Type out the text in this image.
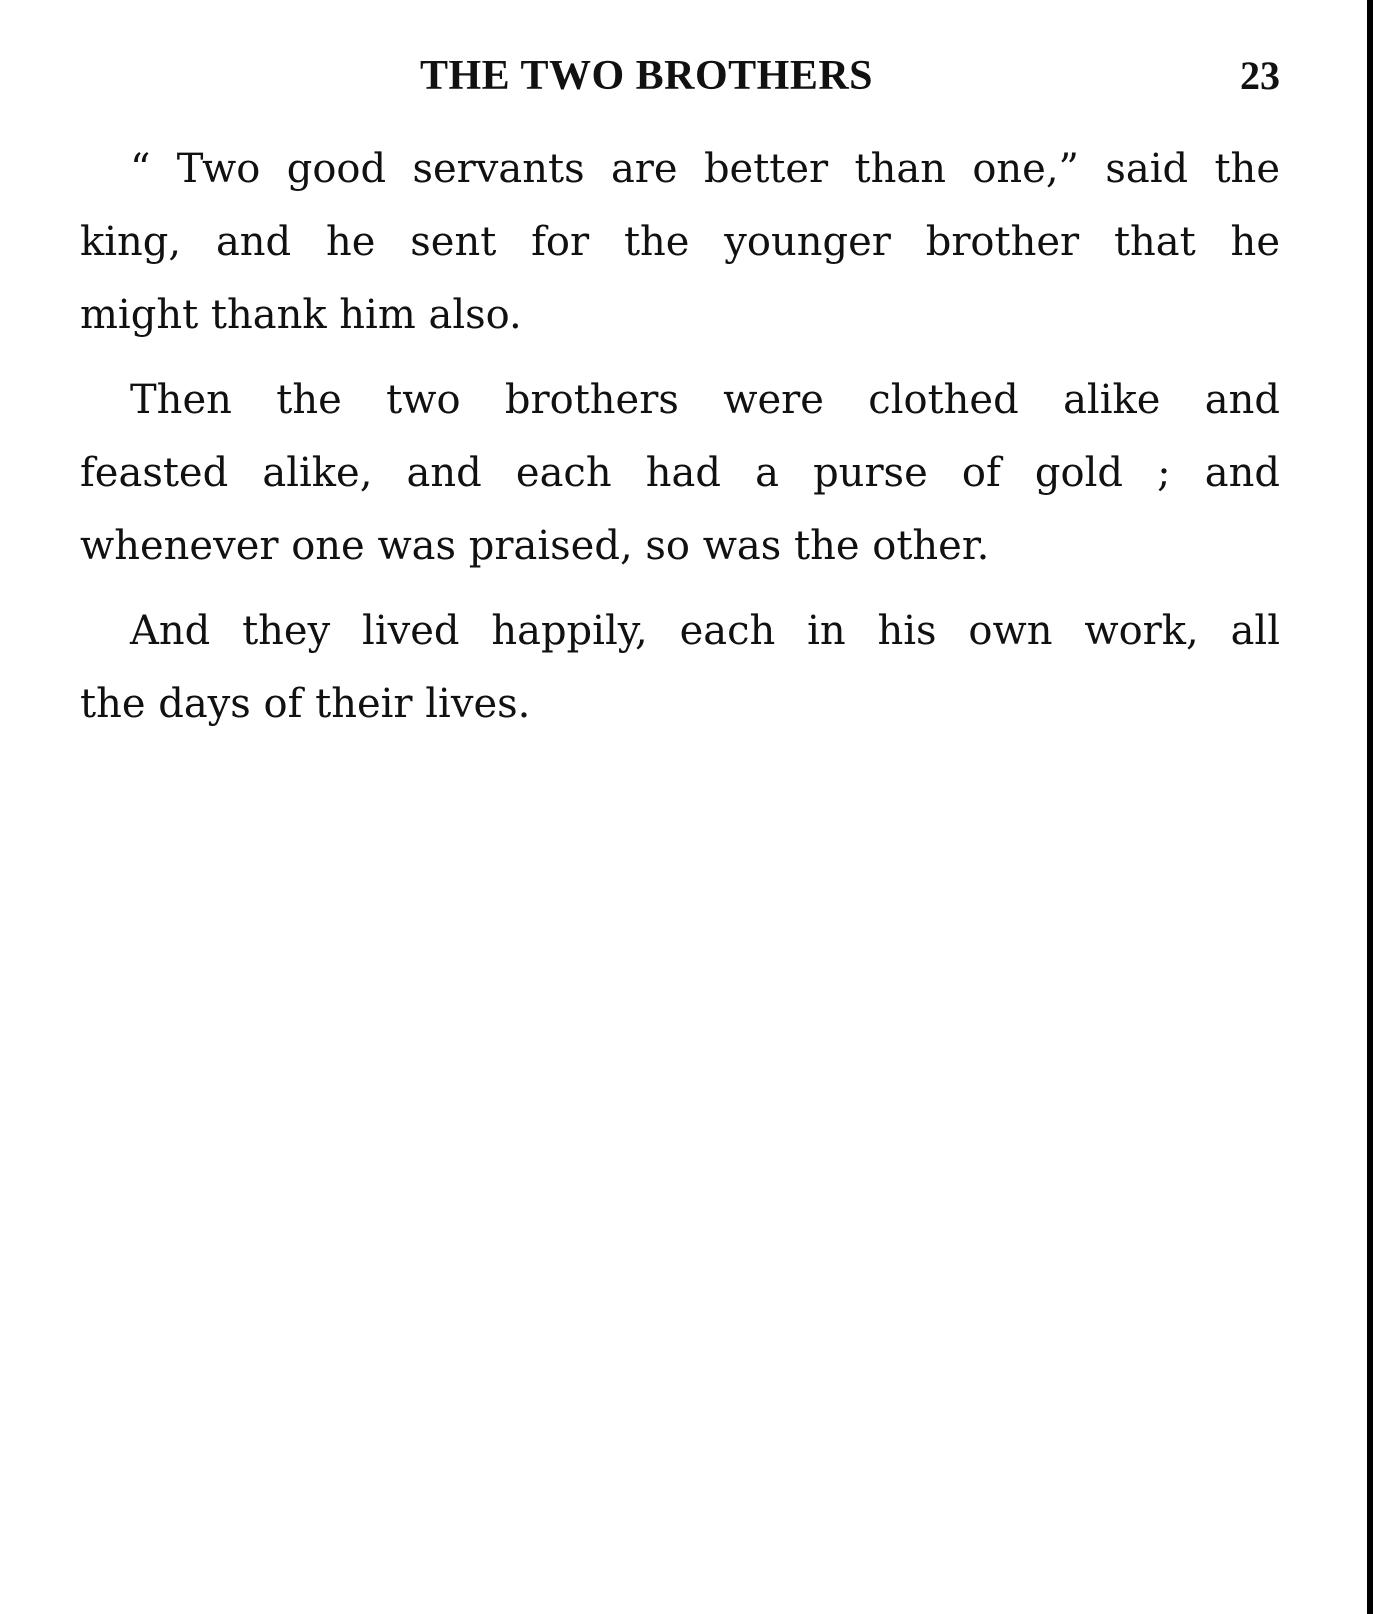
THE TWO BROTHERS	23

“ Two good servants are better than one,” said the
king, and he sent for the younger brother that he
might thank him also.

Then the two brothers were clothed alike and
feasted alike, and each had a purse of gold ; and
whenever one was praised, so was the other.

And they lived happily, each in his own work, all
the days of their lives.
